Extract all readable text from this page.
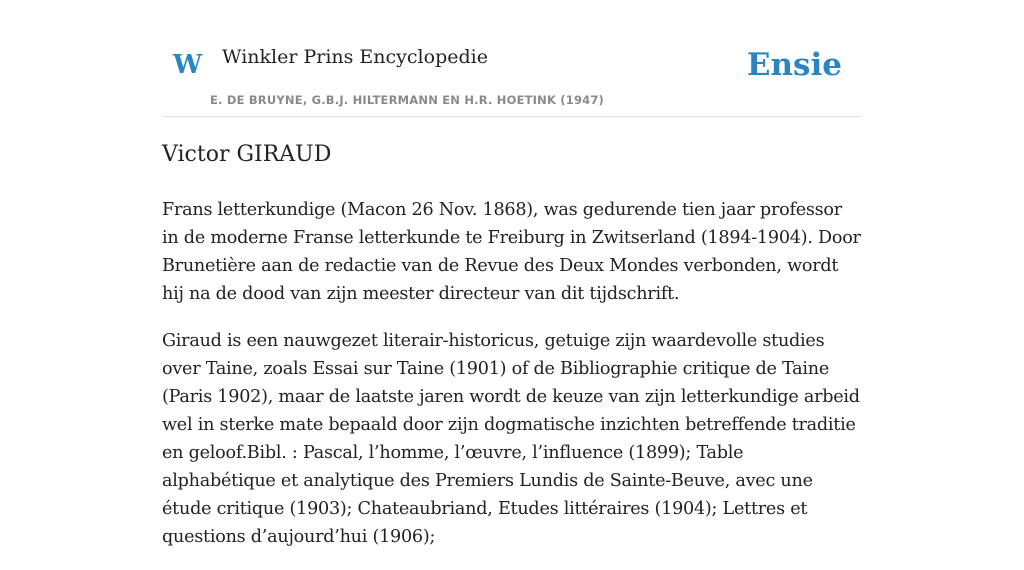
W Winkler Prins Encyclopedie
E. DE BRUYNE, G.B.J. HILTERMANN EN H.R. HOETINK (1947)
Ensie
Victor GIRAUD

Frans letterkundige (Macon 26 Nov. 1868), was gedurende tien jaar professor in de moderne Franse letterkunde te Freiburg in Zwitserland (1894-1904). Door Brunetière aan de redactie van de Revue des Deux Mondes verbonden, wordt hij na de dood van zijn meester directeur van dit tijdschrift.

Giraud is een nauwgezet literair-historicus, getuige zijn waardevolle studies over Taine, zoals Essai sur Taine (1901) of de Bibliographie critique de Taine (Paris 1902), maar de laatste jaren wordt de keuze van zijn letterkundige arbeid wel in sterke mate bepaald door zijn dogmatische inzichten betreffende traditie en geloof.Bibl. : Pascal, l’homme, l’œuvre, l’influence (1899); Table alphabétique et analytique des Premiers Lundis de Sainte-Beuve, avec une étude critique (1903); Chateaubriand, Etudes littéraires (1904); Lettres et questions d’aujourd’hui (1906);
